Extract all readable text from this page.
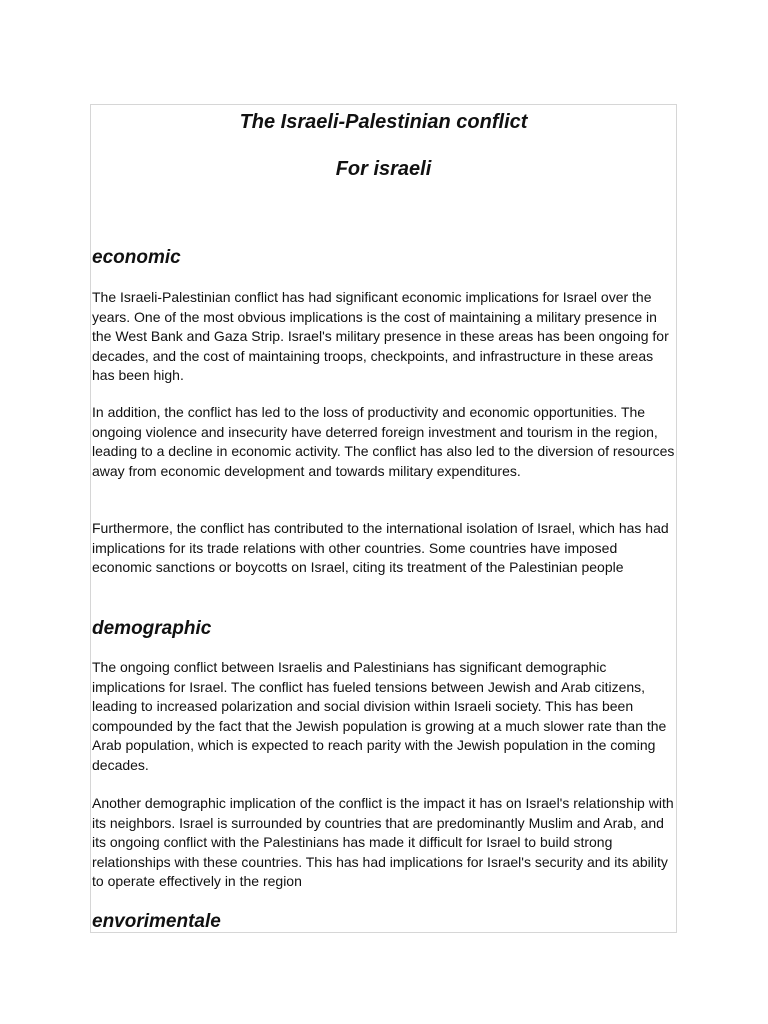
The Israeli-Palestinian conflict
For israeli
economic

The Israeli-Palestinian conflict has had significant economic implications for Israel over the years. One of the most obvious implications is the cost of maintaining a military presence in the West Bank and Gaza Strip. Israel's military presence in these areas has been ongoing for decades, and the cost of maintaining troops, checkpoints, and infrastructure in these areas has been high.

In addition, the conflict has led to the loss of productivity and economic opportunities. The ongoing violence and insecurity have deterred foreign investment and tourism in the region, leading to a decline in economic activity. The conflict has also led to the diversion of resources away from economic development and towards military expenditures.

Furthermore, the conflict has contributed to the international isolation of Israel, which has had implications for its trade relations with other countries. Some countries have imposed economic sanctions or boycotts on Israel, citing its treatment of the Palestinian people

demographic

The ongoing conflict between Israelis and Palestinians has significant demographic implications for Israel. The conflict has fueled tensions between Jewish and Arab citizens, leading to increased polarization and social division within Israeli society. This has been compounded by the fact that the Jewish population is growing at a much slower rate than the Arab population, which is expected to reach parity with the Jewish population in the coming decades.

Another demographic implication of the conflict is the impact it has on Israel's relationship with its neighbors. Israel is surrounded by countries that are predominantly Muslim and Arab, and its ongoing conflict with the Palestinians has made it difficult for Israel to build strong relationships with these countries. This has had implications for Israel's security and its ability to operate effectively in the region

envorimentale
